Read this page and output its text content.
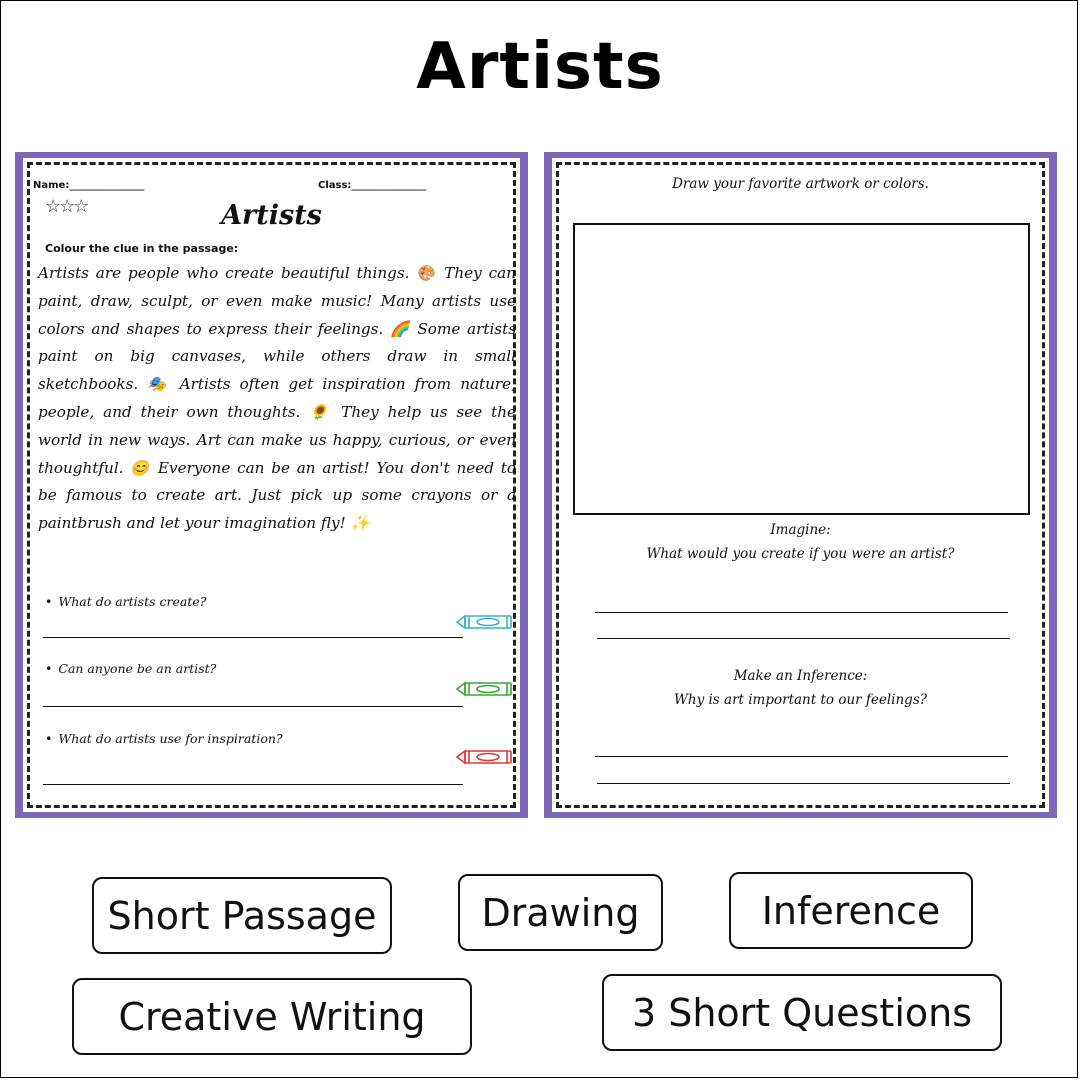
Artists
Name:_______________	Class:_______________
☆☆☆	Artists
Colour the clue in the passage:
Artists are people who create beautiful things. 🎨 They can paint, draw, sculpt, or even make music! Many artists use colors and shapes to express their feelings. 🌈 Some artists paint on big canvases, while others draw in small sketchbooks. 🎭 Artists often get inspiration from nature, people, and their own thoughts. 🌻 They help us see the world in new ways. Art can make us happy, curious, or even thoughtful. 😊 Everyone can be an artist! You don't need to be famous to create art. Just pick up some crayons or a paintbrush and let your imagination fly! ✨
• What do artists create?
• Can anyone be an artist?
• What do artists use for inspiration?
Draw your favorite artwork or colors.
Imagine:
What would you create if you were an artist?
Make an Inference:
Why is art important to our feelings?
Short Passage	Drawing	Inference
Creative Writing	3 Short Questions
